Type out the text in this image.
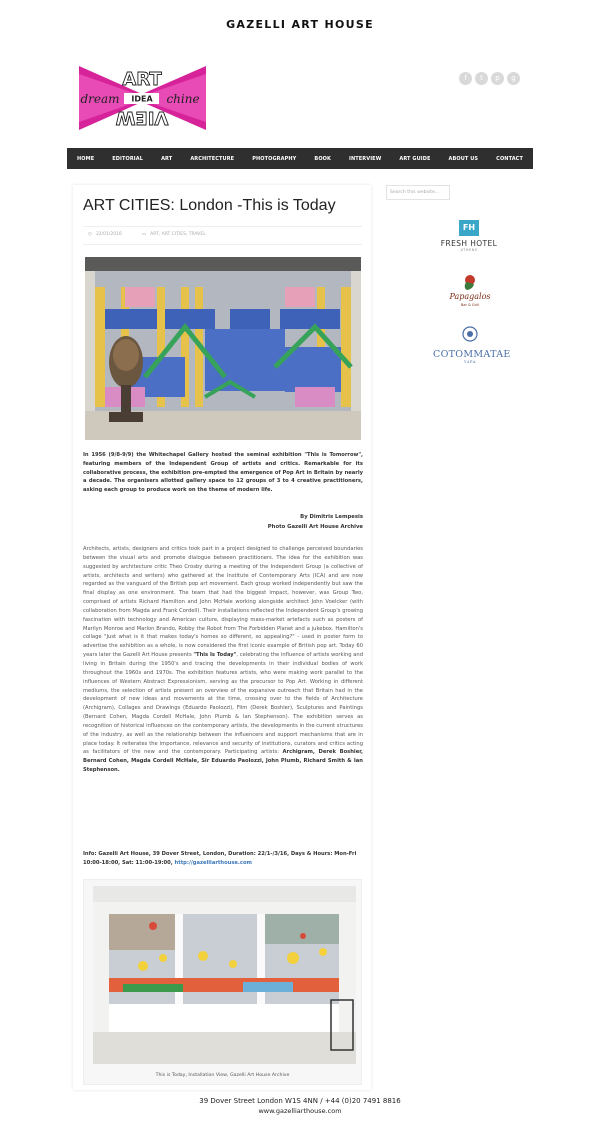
GAZELLI ART HOUSE
ART
VIEW
dream IDEA chine
f	t	p	g
HOME	EDITORIAL	ART	ARCHITECTURE	PHOTOGRAPHY	BOOK	INTERVIEW	ART GUIDE	ABOUT US	CONTACT
ART CITIES: London -This is Today
◷ 22/01/2016	▭ ART, ART CITIES, TRAVEL
In 1956 (9/8-9/9) the Whitechapel Gallery hosted the seminal exhibition "This is Tomorrow", featuring members of the Independent Group of artists and critics. Remarkable for its collaborative process, the exhibition pre-empted the emergence of Pop Art in Britain by nearly a decade. The organisers allotted gallery space to 12 groups of 3 to 4 creative practitioners, asking each group to produce work on the theme of modern life.
By Dimitris Lempesis
Photo Gazelli Art House Archive
Architects, artists, designers and critics took part in a project designed to challenge perceived boundaries between the visual arts and promote dialogue between practitioners. The idea for the exhibition was suggested by architecture critic Theo Crosby during a meeting of the Independent Group (a collective of artists, architects and writers) who gathered at the Institute of Contemporary Arts (ICA) and are now regarded as the vanguard of the British pop art movement. Each group worked independently but saw the final display as one environment. The team that had the biggest impact, however, was Group Two, comprised of artists Richard Hamilton and John McHale working alongside architect John Voelcker (with collaboration from Magda and Frank Cordell). Their installations reflected the Independent Group's growing fascination with technology and American culture, displaying mass-market artefacts such as posters of Marilyn Monroe and Marlon Brando, Robby the Robot from The Forbidden Planet and a jukebox. Hamilton's collage "Just what is it that makes today's homes so different, so appealing?" - used in poster form to advertise the exhibition as a whole, is now considered the first iconic example of British pop art. Today 60 years later the Gazelli Art House presents "This Is Today", celebrating the influence of artists working and living in Britain during the 1950's and tracing the developments in their individual bodies of work throughout the 1960s and 1970s. The exhibition features artists, who were making work parallel to the influences of Western Abstract Expressionism, serving as the precursor to Pop Art. Working in different mediums, the selection of artists present an overview of the expansive outreach that Britain had in the development of new ideas and movements at the time, crossing over to the fields of Architecture (Archigram), Collages and Drawings (Eduardo Paolozzi), Film (Derek Boshier), Sculptures and Paintings (Bernard Cohen, Magda Cordell McHale, John Plumb & Ian Stephenson). The exhibition serves as recognition of historical influences on the contemporary artists, the developments in the current structures of the industry, as well as the relationship between the influencers and support mechanisms that are in place today. It reiterates the importance, relevance and security of institutions, curators and critics acting as facilitators of the new and the contemporary. Participating artists: Archigram, Derek Boshier, Bernard Cohen, Magda Cordell McHale, Sir Eduardo Paolozzi, John Plumb, Richard Smith & Ian Stephenson.
Info: Gazelli Art House, 39 Dover Street, London, Duration: 22/1-/3/16, Days & Hours: Mon-Fri 10:00-18:00, Sat: 11:00-19:00, http://gazelliarthouse.com
This is Today, Installation View, Gazelli Art House Archive
Search this website...
FH
FRESH HOTEL
ATHENS
Papagalos
Bar & Grill
COTOMMATAE
ΥΔΡΑ
39 Dover Street London W1S 4NN / +44 (0)20 7491 8816
www.gazelliarthouse.com
